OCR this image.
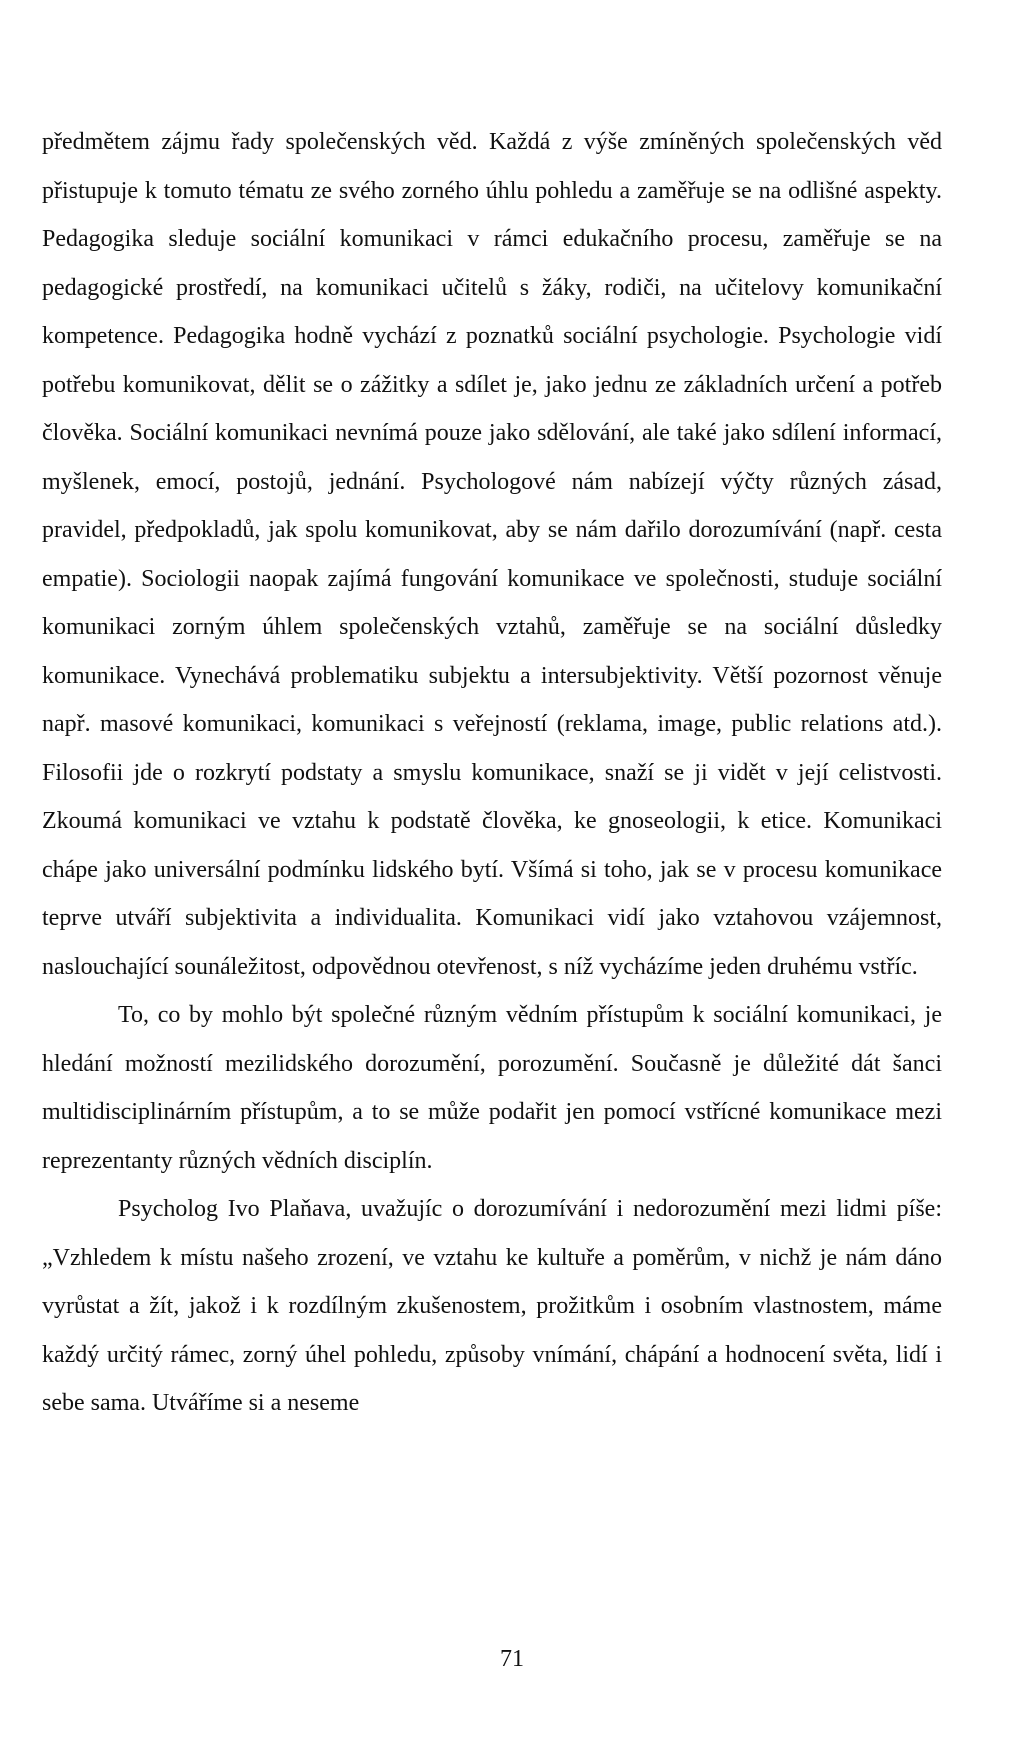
předmětem zájmu řady společenských věd. Každá z výše zmíněných společenských věd přistupuje k tomuto tématu ze svého zorného úhlu pohledu a zaměřuje se na odlišné aspekty. Pedagogika sleduje sociální komunikaci v rámci edukačního procesu, zaměřuje se na pedagogické prostředí, na komunikaci učitelů s žáky, rodiči, na učitelovy komunikační kompetence. Pedagogika hodně vychází z poznatků sociální psychologie. Psychologie vidí potřebu komunikovat, dělit se o zážitky a sdílet je, jako jednu ze základních určení a potřeb člověka. Sociální komunikaci nevnímá pouze jako sdělování, ale také jako sdílení informací, myšlenek, emocí, postojů, jednání. Psychologové nám nabízejí výčty různých zásad, pravidel, předpokladů, jak spolu komunikovat, aby se nám dařilo dorozumívání (např. cesta empatie). Sociologii naopak zajímá fungování komunikace ve společnosti, studuje sociální komunikaci zorným úhlem společenských vztahů, zaměřuje se na sociální důsledky komunikace. Vynechává problematiku subjektu a intersubjektivity. Větší pozornost věnuje např. masové komunikaci, komunikaci s veřejností (reklama, image, public relations atd.). Filosofii jde o rozkrytí podstaty a smyslu komunikace, snaží se ji vidět v její celistvosti. Zkoumá komunikaci ve vztahu k podstatě člověka, ke gnoseologii, k etice. Komunikaci chápe jako universální podmínku lidského bytí. Všímá si toho, jak se v procesu komunikace teprve utváří subjektivita a individualita. Komunikaci vidí jako vztahovou vzájemnost, naslouchající sounáležitost, odpovědnou otevřenost, s níž vycházíme jeden druhému vstříc.

To, co by mohlo být společné různým vědním přístupům k sociální komunikaci, je hledání možností mezilidského dorozumění, porozumění. Současně je důležité dát šanci multidisciplinárním přístupům, a to se může podařit jen pomocí vstřícné komunikace mezi reprezentanty různých vědních disciplín.

Psycholog Ivo Plaňava, uvažujíc o dorozumívání i nedorozumění mezi lidmi píše: „Vzhledem k místu našeho zrození, ve vztahu ke kultuře a poměrům, v nichž je nám dáno vyrůstat a žít, jakož i k rozdílným zkušenostem, prožitkům i osobním vlastnostem, máme každý určitý rámec, zorný úhel pohledu, způsoby vnímání, chápání a hodnocení světa, lidí i sebe sama. Utváříme si a neseme

71
